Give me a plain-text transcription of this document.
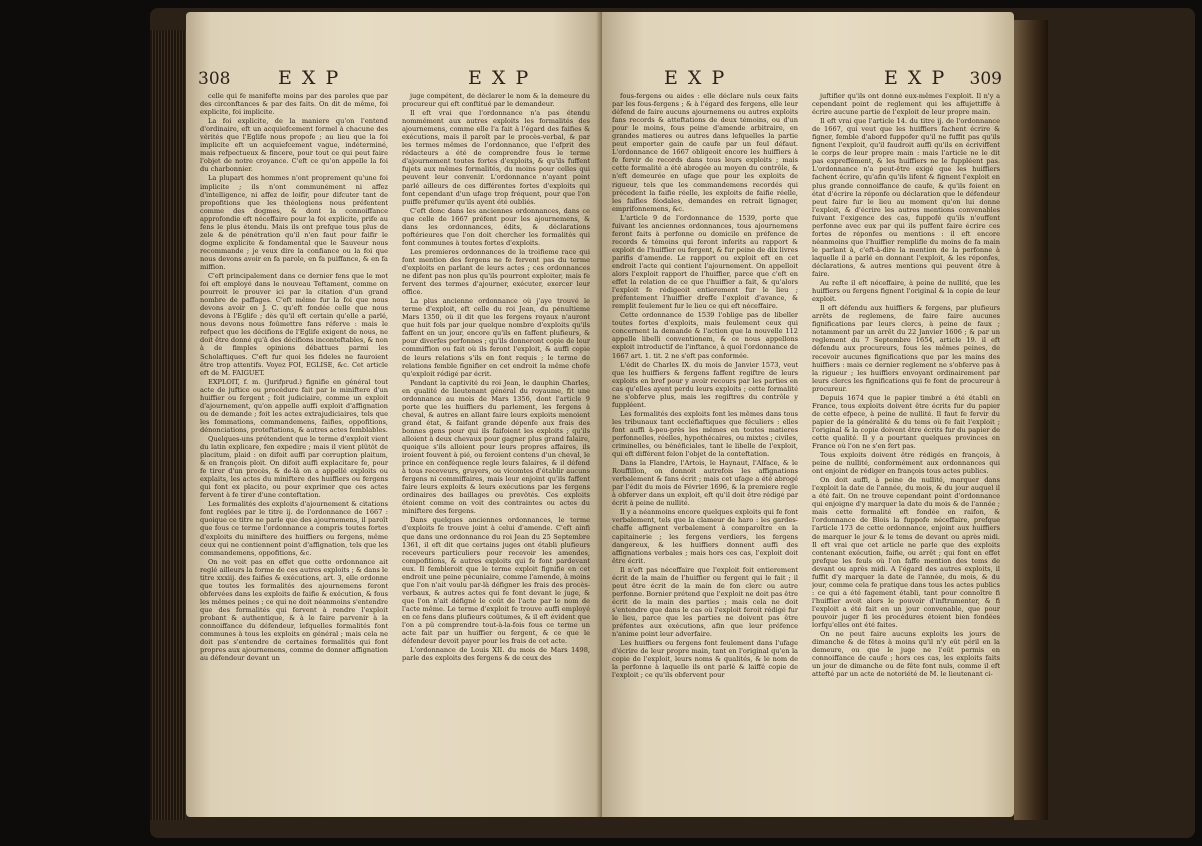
308	E X P	E X P

celle qui fe manifefte moins par des paroles que par des circonftances & par des faits. On dit de même, foi explicite, foi implicite.

La foi explicite, de la maniere qu'on l'entend d'ordinaire, eft un acquiefcement formel à chacune des vérités que l'Eglife nous propofe ; au lieu que la foi implicite eft un acquiefcement vague, indéterminé, mais refpectueux & fincere, pour tout ce qui peut faire l'objet de notre croyance. C'eft ce qu'on appelle la foi du charbonnier.

La plupart des hommes n'ont proprement qu'une foi implicite ; ils n'ont communément ni affez d'intelligence, ni affez de loifir, pour difcuter tant de propofitions que les théologiens nous préfentent comme des dogmes, & dont la connoiffance approfondie eft néceffaire pour la foi explicite, prife au fens le plus étendu. Mais ils ont prefque tous plus de zele & de pénétration qu'il n'en faut pour faifir le dogme explicite & fondamental que le Sauveur nous recommande ; je veux dire la confiance ou la foi que nous devons avoir en fa parole, en fa puiffance, & en fa miffion.

C'eft principalement dans ce dernier fens que le mot foi eft employé dans le nouveau Teftament, comme on pourroit le prouver ici par la citation d'un grand nombre de paffages. C'eft même fur la foi que nous devons avoir en J. C. qu'eft fondée celle que nous devons à l'Eglife ; dès qu'il eft certain qu'elle a parlé, nous devons nous foûmettre fans réferve : mais le refpect que les décifions de l'Eglife exigent de nous, ne doit être donné qu'à des décifions inconteftables, & non à de fimples opinions débattues parmi les Scholaftiques. C'eft fur quoi les fideles ne fauroient être trop attentifs. Voyez FOI, EGLISE, &c. Cet article eft de M. FAIGUET.

EXPLOIT, f. m. (Jurifprud.) fignifie en général tout acte de juftice ou procédure fait par le miniftere d'un huiffier ou fergent ; foit judiciaire, comme un exploit d'ajournement, qu'on appelle auffi exploit d'affignation ou de demande ; foit les actes extrajudiciaires, tels que les fommations, commandemens, faifies, oppofitions, dénonciations, proteftations, & autres actes femblables.

Quelques-uns prétendent que le terme d'exploit vient du latin explicare, fen expedire ; mais il vient plûtôt de placitum, plaid : on difoit auffi par corruption plaitum, & en françois ploit. On difoit auffi explacitare fe, pour fe tirer d'un procès, & de-là on a appellé exploits ou explaits, les actes du miniftere des huiffiers ou fergens qui font ex placito, ou pour exprimer que ces actes fervent à fe tirer d'une conteftation.

Les formalités des exploits d'ajournement & citations font reglées par le titre ij. de l'ordonnance de 1667 : quoique ce titre ne parle que des ajournemens, il paroît que fous ce terme l'ordonnance a compris toutes fortes d'exploits du miniftere des huiffiers ou fergens, même ceux qui ne contiennent point d'affignation, tels que les commandemens, oppofitions, &c.

On ne voit pas en effet que cette ordonnance ait reglé ailleurs la forme de ces autres exploits ; & dans le titre xxxiij. des faifies & exécutions, art. 3, elle ordonne que toutes les formalités des ajournemens feront obfervées dans les exploits de faifie & exécution, & fous les mêmes peines ; ce qui ne doit néanmoins s'entendre que des formalités qui fervent à rendre l'exploit probant & authentique, & à le faire parvenir à la connoiffance du défendeur, lefquelles formalités font communes à tous les exploits en général ; mais cela ne doit pas s'entendre de certaines formalités qui font propres aux ajournemens, comme de donner affignation au défendeur devant un

juge compétent, de déclarer le nom & la demeure du procureur qui eft conftitué par le demandeur.

Il eft vrai que l'ordonnance n'a pas étendu nommément aux autres exploits les formalités des ajournemens, comme elle l'a fait à l'égard des faifies & exécutions, mais il paroît par le procès-verbal, & par les termes mêmes de l'ordonnance, que l'efprit des rédacteurs a été de comprendre fous le terme d'ajournement toutes fortes d'exploits, & qu'ils fuffent fujets aux mêmes formalités, du moins pour celles qui peuvent leur convenir. L'ordonnance n'ayant point parlé ailleurs de ces différentes fortes d'exploits qui font cependant d'un ufage trop fréquent, pour que l'on puiffe préfumer qu'ils ayent été oubliés.

C'eft donc dans les anciennes ordonnances, dans ce que celle de 1667 préfent pour les ajournemens, & dans les ordonnances, édits, & déclarations poftérieures que l'on doit chercher les formalités qui font communes à toutes fortes d'exploits.

Les premieres ordonnances de la troifieme race qui font mention des fergens ne fe fervent pas du terme d'exploits en parlant de leurs actes ; ces ordonnances ne difent pas non plus qu'ils pourront exploiter, mais fe fervent des termes d'ajourner, exécuter, exercer leur office.

La plus ancienne ordonnance où j'aye trouvé le terme d'exploit, eft celle du roi Jean, du pénultieme Mars 1350, où il dit que les fergens royaux n'auront que huit fols par jour quelque nombre d'exploits qu'ils faffent en un jour, encore qu'ils en faffent plufieurs, & pour diverfes perfonnes ; qu'ils donneront copie de leur commiffion ou fait où ils feront l'exploit, & auffi copie de leurs relations s'ils en font requis ; le terme de relations femble fignifier en cet endroit la même chofe qu'exploit rédigé par écrit.

Pendant la captivité du roi Jean, le dauphin Charles, en qualité de lieutenant général du royaume, fit une ordonnance au mois de Mars 1356, dont l'article 9 porte que les huiffiers du parlement, les fergens à cheval, & autres en allant faire leurs exploits menoient grand état, & faifant grande dépenfe aux frais des bonnes gens pour qui ils faifoient les exploits ; qu'ils alloient à deux chevaux pour gagner plus grand falaire, quoique s'ils alloient pour leurs propres affaires, ils iroient fouvent à pié, ou feroient contens d'un cheval, le prince en conféquence regle leurs falaires, & il défend à tous receveurs, gruyers, ou vicomtes d'établir aucuns fergens ni commiffaires, mais leur enjoint qu'ils faffent faire leurs exploits & leurs exécutions par les fergens ordinaires des baillages ou prevôtés. Ces exploits étoient comme on voit des contraintes ou actes du miniftere des fergens.

Dans quelques anciennes ordonnances, le terme d'exploits fe trouve joint à celui d'amende. C'eft ainfi que dans une ordonnance du roi Jean du 25 Septembre 1361, il eft dit que certains juges ont établi plufieurs receveurs particuliers pour recevoir les amendes, compofitions, & autres exploits qui fe font pardevant eux. Il fembleroit que le terme exploit fignifie en cet endroit une peine pécuniaire, comme l'amende, à moins que l'on n'ait voulu par-là défigner les frais des procès-verbaux, & autres actes qui fe font devant le juge, & que l'on n'ait défigné le coût de l'acte par le nom de l'acte même. Le terme d'exploit fe trouve auffi employé en ce fens dans plufieurs coûtumes, & il eft évident que l'on a pû comprendre tout-à-la-fois fous ce terme un acte fait par un huiffier ou fergent, & ce que le défendeur devoit payer pour les frais de cet acte.

L'ordonnance de Louis XII. du mois de Mars 1498, parle des exploits des fergens & de ceux des

E X P	E X P 309

fous-fergens ou aides : elle déclare nuls ceux faits par les fous-fergens ; & à l'égard des fergens, elle leur défend de faire aucuns ajournemens ou autres exploits fans records & atteftations de deux témoins, ou d'un pour le moins, fous peine d'amende arbitraire, en grandes matieres ou autres dans lefquelles la partie peut emporter gain de caufe par un feul défaut. L'ordonnance de 1667 obligeoit encore les huiffiers à fe fervir de records dans tous leurs exploits ; mais cette formalité a été abrogée au moyen du contrôle, & n'eft demeurée en ufage que pour les exploits de rigueur, tels que les commandemens recordés qui précedent la faifie réelle, les exploits de faifie réelle, les faifies féodales, demandes en retrait lignager, emprifonnemens, &c.

L'article 9 de l'ordonnance de 1539, porte que fuivant les anciennes ordonnances, tous ajournemens feront faits à perfonne ou domicile en préfence de records & témoins qui feront inferits au rapport & exploit de l'huiffier ou fergent, & fur peine de dix livres parifis d'amende. Le rapport ou exploit eft en cet endroit l'acte qui contient l'ajournement. On appelloit alors l'exploit rapport de l'huiffier, parce que c'eft en effet la relation de ce que l'huiffier a fait, & qu'alors l'exploit fe rédigeoit entierement fur le lieu ; préfentement l'huiffier dreffe l'exploit d'avance, & remplit feulement fur le lieu ce qui eft néceffaire.

Cette ordonnance de 1539 l'oblige pas de libeller toutes fortes d'exploits, mais feulement ceux qui concernent la demande & l'action que la nouvelle 112 appelle libelli conventionem, & ce nous appellons exploit introductif de l'inftance, à quoi l'ordonnance de 1667 art. 1. tit. 2 ne s'eft pas conformée.

L'édit de Charles IX. du mois de Janvier 1573, veut que les huiffiers & fergens faffent regiftre de leurs exploits en bref pour y avoir recours par les parties en cas qu'elles ayent perdu leurs exploits ; cette formalité ne s'obferve plus, mais les regiftres du contrôle y fuppléent.

Les formalités des exploits font les mêmes dans tous les tribunaux tant eccléfiaftiques que féculiers : elles font auffi à-peu-près les mêmes en toutes matieres perfonnelles, réelles, hypothécaires, ou mixtes ; civiles, criminelles, ou bénéficiales, tant le libelle de l'exploit, qui eft différent felon l'objet de la conteftation.

Dans la Flandre, l'Artois, le Haynaut, l'Alface, & le Rouffillon, on donnoit autrefois les affignations verbalement & fans écrit ; mais cet ufage a été abrogé par l'édit du mois de Février 1696, & la premiere regle à obferver dans un exploit, eft qu'il doit être rédigé par écrit à peine de nullité.

Il y a néanmoins encore quelques exploits qui fe font verbalement, tels que la clameur de haro : les gardes-chaffe affignent verbalement à comparoître en la capitainerie ; les fergens verdiers, les fergens dangereux, & les huiffiers donnent auffi des affignations verbales ; mais hors ces cas, l'exploit doit être écrit.

Il n'eft pas néceffaire que l'exploit foit entierement écrit de la main de l'huiffier ou fergent qui le fait ; il peut être écrit de la main de fon clerc ou autre perfonne. Bornier prétend que l'exploit ne doit pas être écrit de la main des parties ; mais cela ne doit s'entendre que dans le cas où l'exploit feroit rédigé fur le lieu, parce que les parties ne doivent pas être préfentes aux exécutions, afin que leur préfence n'anime point leur adverfaire.

Les huiffiers ou fergens font feulement dans l'ufage d'écrire de leur propre main, tant en l'original qu'en la copie de l'exploit, leurs noms & qualités, & le nom de la perfonne à laquelle ils ont parlé & laiffé copie de l'exploit ; ce qu'ils obfervent pour

juftifier qu'ils ont donné eux-mêmes l'exploit. Il n'y a cependant point de reglement qui les affujettiffe à écrire aucune partie de l'exploit de leur propre main.

Il eft vrai que l'article 14. du titre ij. de l'ordonnance de 1667, qui veut que les huiffiers fachent écrire & figner, femble d'abord fuppofer qu'il ne fuffit pas qu'ils fignent l'exploit, qu'il faudroit auffi qu'ils en écriviffent le corps de leur propre main : mais l'article ne le dit pas expreffément, & les huiffiers ne le fuppléent pas. L'ordonnance n'a peut-être exigé que les huiffiers fachent écrire, qu'afin qu'ils lifent & fignent l'exploit en plus grande connoiffance de caufe, & qu'ils foient en état d'écrire la réponfe ou déclaration que le défendeur peut faire fur le lieu au moment qu'on lui donne l'exploit, & d'écrire les autres mentions convenables fuivant l'exigence des cas, fuppofé qu'ils n'euffent perfonne avec eux par qui ils puffent faire écrire ces fortes de réponfes ou mentions : il eft encore néanmoins que l'huiffier remplifle du moins de fa main le parlant à, c'eft-à-dire la mention de la perfonne à laquelle il a parlé en donnant l'exploit, & les réponfes, déclarations, & autres mentions qui peuvent être à faire.

Au refte il eft néceffaire, à peine de nullité, que les huiffiers ou fergens fignent l'original & la copie de leur exploit.

Il eft défendu aux huiffiers & fergens, par plufieurs arrêts de reglemens, de faire faire aucunes fignifications par leurs clercs, à peine de faux ; notamment par un arrêt du 22 Janvier 1606 ; & par un reglement du 7 Septembre 1654, article 19. il eft défendu aux procureurs, fous les mêmes peines, de recevoir aucunes fignifications que par les mains des huiffiers : mais ce dernier reglement ne s'obferve pas à la rigueur ; les huiffiers envoyant ordinairement par leurs clercs les fignifications qui fe font de procureur à procureur.

Depuis 1674 que le papier timbré a été établi en France, tous exploits doivent être écrits fur du papier de cette efpece, à peine de nullité. Il faut fe fervir du papier de la généralité & du tems où fe fait l'exploit ; l'original & la copie doivent être écrits fur du papier de cette qualité. Il y a pourtant quelques provinces en France où l'on ne s'en fert pas.

Tous exploits doivent être rédigés en françois, à peine de nullité, conformément aux ordonnances qui ont enjoint de rédiger en françois tous actes publics.

On doit auffi, à peine de nullité, marquer dans l'exploit la date de l'année, du mois, & du jour auquel il a été fait. On ne trouve cependant point d'ordonnance qui enjoigne d'y marquer la date du mois & de l'année ; mais cette formalité eft fondée en raifon, & l'ordonnance de Blois la fuppofe néceffaire, prefque l'article 173 de cette ordonnance, enjoint aux huiffiers de marquer le jour & le tems de devant ou après midi. Il eft vrai que cet article ne parle que des exploits contenant exécution, faifie, ou arrêt ; qui font en effet prefque les feuls où l'on faffe mention des tems de devant ou après midi. A l'égard des autres exploits, il fuffit d'y marquer la date de l'année, du mois, & du jour, comme cela fe pratique dans tous les actes publics : ce qui a été fagement établi, tant pour connoître fi l'huiffier avoit alors le pouvoir d'inftrumenter, & fi l'exploit a été fait en un jour convenable, que pour pouvoir juger fi les procédures étoient bien fondées lorfqu'elles ont été faites.

On ne peut faire aucuns exploits les jours de dimanche & de fêtes à moins qu'il n'y eût péril en la demeure, ou que le juge ne l'eût permis en connoiffance de caufe ; hors ces cas, les exploits faits un jour de dimanche ou de fête font nuls, comme il eft attefté par un acte de notoriété de M. le lieutenant ci-
